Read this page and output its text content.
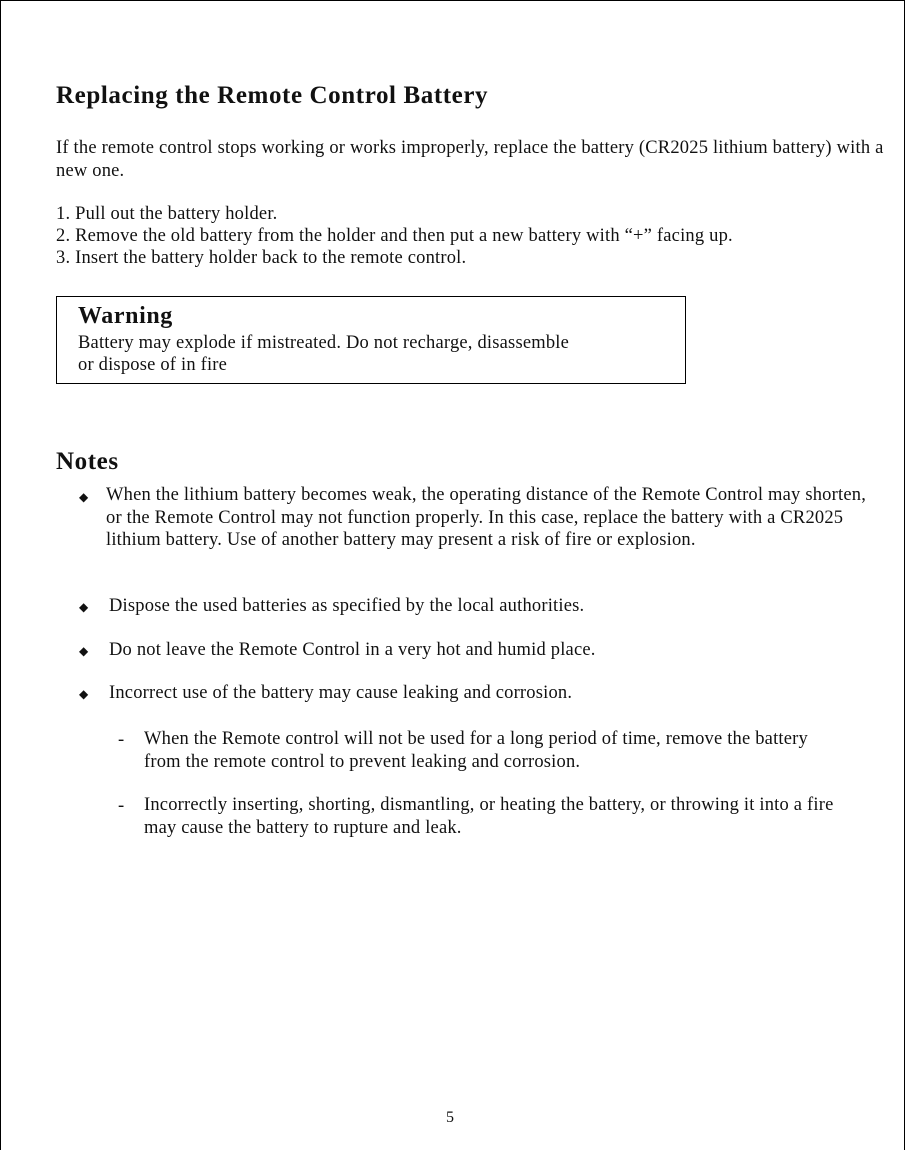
Replacing the Remote Control Battery
If the remote control stops working or works improperly, replace the battery (CR2025 lithium battery) with a new one.
1. Pull out the battery holder.
2. Remove the old battery from the holder and then put a new battery with “+” facing up.
3. Insert the battery holder back to the remote control.
Warning
Battery may explode if mistreated. Do not recharge, disassemble
or dispose of in fire
Notes
◆ When the lithium battery becomes weak, the operating distance of the Remote Control may shorten, or the Remote Control may not function properly. In this case, replace the battery with a CR2025 lithium battery. Use of another battery may present a risk of fire or explosion.
◆ Dispose the used batteries as specified by the local authorities.
◆ Do not leave the Remote Control in a very hot and humid place.
◆ Incorrect use of the battery may cause leaking and corrosion.
- When the Remote control will not be used for a long period of time, remove the battery from the remote control to prevent leaking and corrosion.
- Incorrectly inserting, shorting, dismantling, or heating the battery, or throwing it into a fire may cause the battery to rupture and leak.
5
